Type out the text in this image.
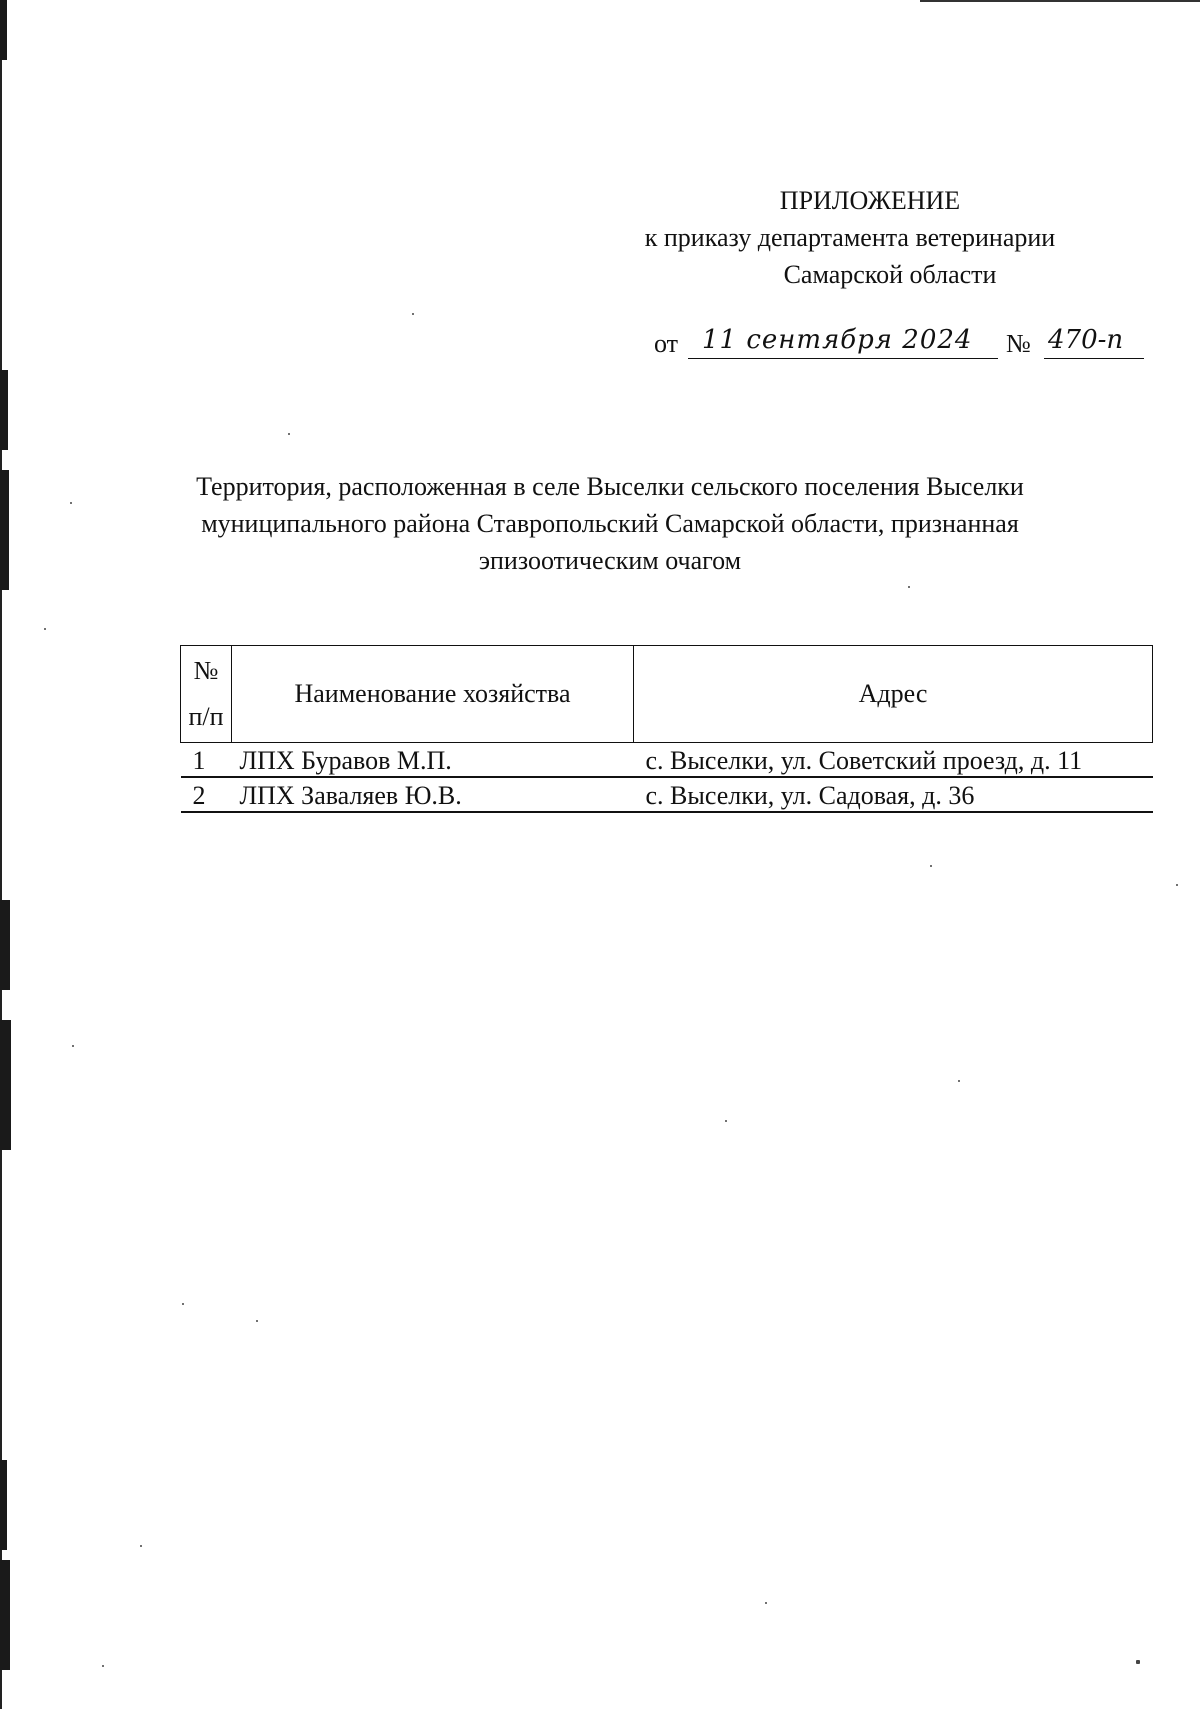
ПРИЛОЖЕНИЕ
к приказу департамента ветеринарии
Самарской области
от 11 сентября 2024	№ 470-п
Территория, расположенная в селе Выселки сельского поселения Выселки
муниципального района Ставропольский Самарской области, признанная
эпизоотическим очагом
№
п/п	Наименование хозяйства	Адрес
1	ЛПХ Буравов М.П.	с. Выселки, ул. Советский проезд, д. 11
2	ЛПХ Заваляев Ю.В.	с. Выселки, ул. Садовая, д. 36
